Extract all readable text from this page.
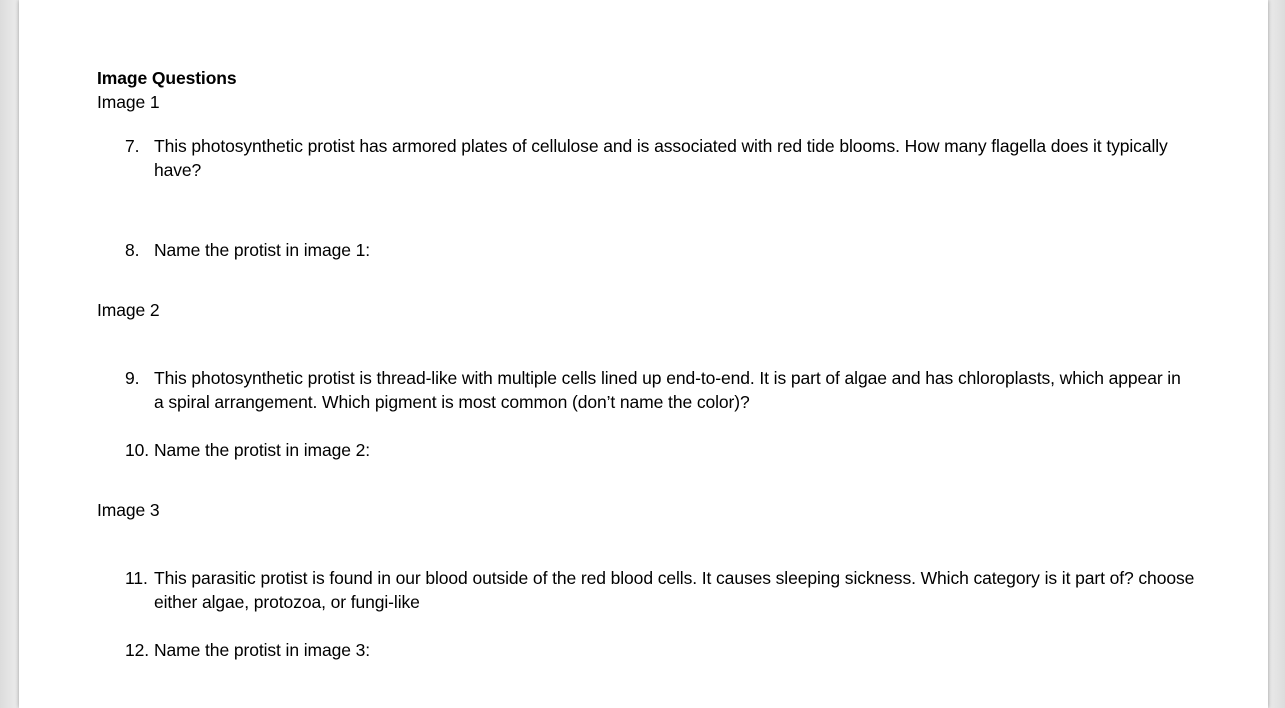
Image Questions
Image 1
7. This photosynthetic protist has armored plates of cellulose and is associated with red tide blooms. How many flagella does it typically have?
8. Name the protist in image 1:
Image 2
9. This photosynthetic protist is thread-like with multiple cells lined up end-to-end. It is part of algae and has chloroplasts, which appear in a spiral arrangement. Which pigment is most common (don’t name the color)?
10. Name the protist in image 2:
Image 3
11. This parasitic protist is found in our blood outside of the red blood cells. It causes sleeping sickness. Which category is it part of? choose either algae, protozoa, or fungi-like
12. Name the protist in image 3:
